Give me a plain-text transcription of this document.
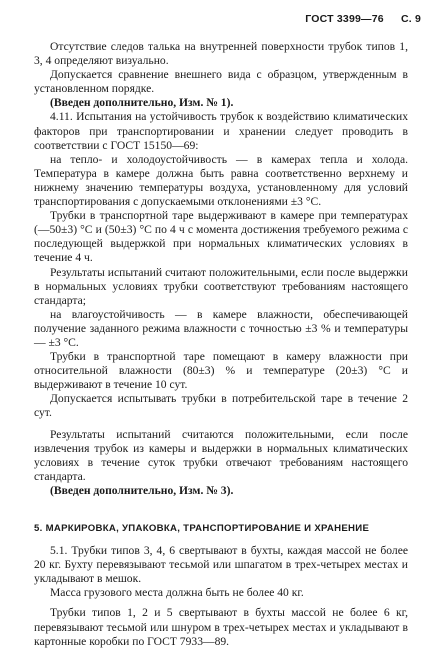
ГОСТ 3399—76 С. 9

Отсутствие следов талька на внутренней поверхности трубок типов 1, 3, 4 определяют визуально.

Допускается сравнение внешнего вида с образцом, утвержденным в установленном порядке.

(Введен дополнительно, Изм. № 1).

4.11. Испытания на устойчивость трубок к воздействию климатических факторов при транспортировании и хранении следует проводить в соответствии с ГОСТ 15150—69:

на тепло- и холодоустойчивость — в камерах тепла и холода. Температура в камере должна быть равна соответственно верхнему и нижнему значению температуры воздуха, установленному для условий транспортирования с допускаемыми отклонениями ±3 °С.

Трубки в транспортной таре выдерживают в камере при температурах (—50±3) °С и (50±3) °С по 4 ч с момента достижения требуемого режима с последующей выдержкой при нормальных климатических условиях в течение 4 ч.

Результаты испытаний считают положительными, если после выдержки в нормальных условиях трубки соответствуют требованиям настоящего стандарта;

на влагоустойчивость — в камере влажности, обеспечивающей получение заданного режима влажности с точностью ±3 % и температуры — ±3 °С.

Трубки в транспортной таре помещают в камеру влажности при относительной влажности (80±3) % и температуре (20±3) °С и выдерживают в течение 10 сут.

Допускается испытывать трубки в потребительской таре в течение 2 сут.

Результаты испытаний считаются положительными, если после извлечения трубок из камеры и выдержки в нормальных климатических условиях в течение суток трубки отвечают требованиям настоящего стандарта.

(Введен дополнительно, Изм. № 3).

5. МАРКИРОВКА, УПАКОВКА, ТРАНСПОРТИРОВАНИЕ И ХРАНЕНИЕ

5.1. Трубки типов 3, 4, 6 свертывают в бухты, каждая массой не более 20 кг. Бухту перевязывают тесьмой или шпагатом в трех-четырех местах и укладывают в мешок.

Масса грузового места должна быть не более 40 кг.

Трубки типов 1, 2 и 5 свертывают в бухты массой не более 6 кг, перевязывают тесьмой или шнуром в трех-четырех местах и укладывают в картонные коробки по ГОСТ 7933—89.
